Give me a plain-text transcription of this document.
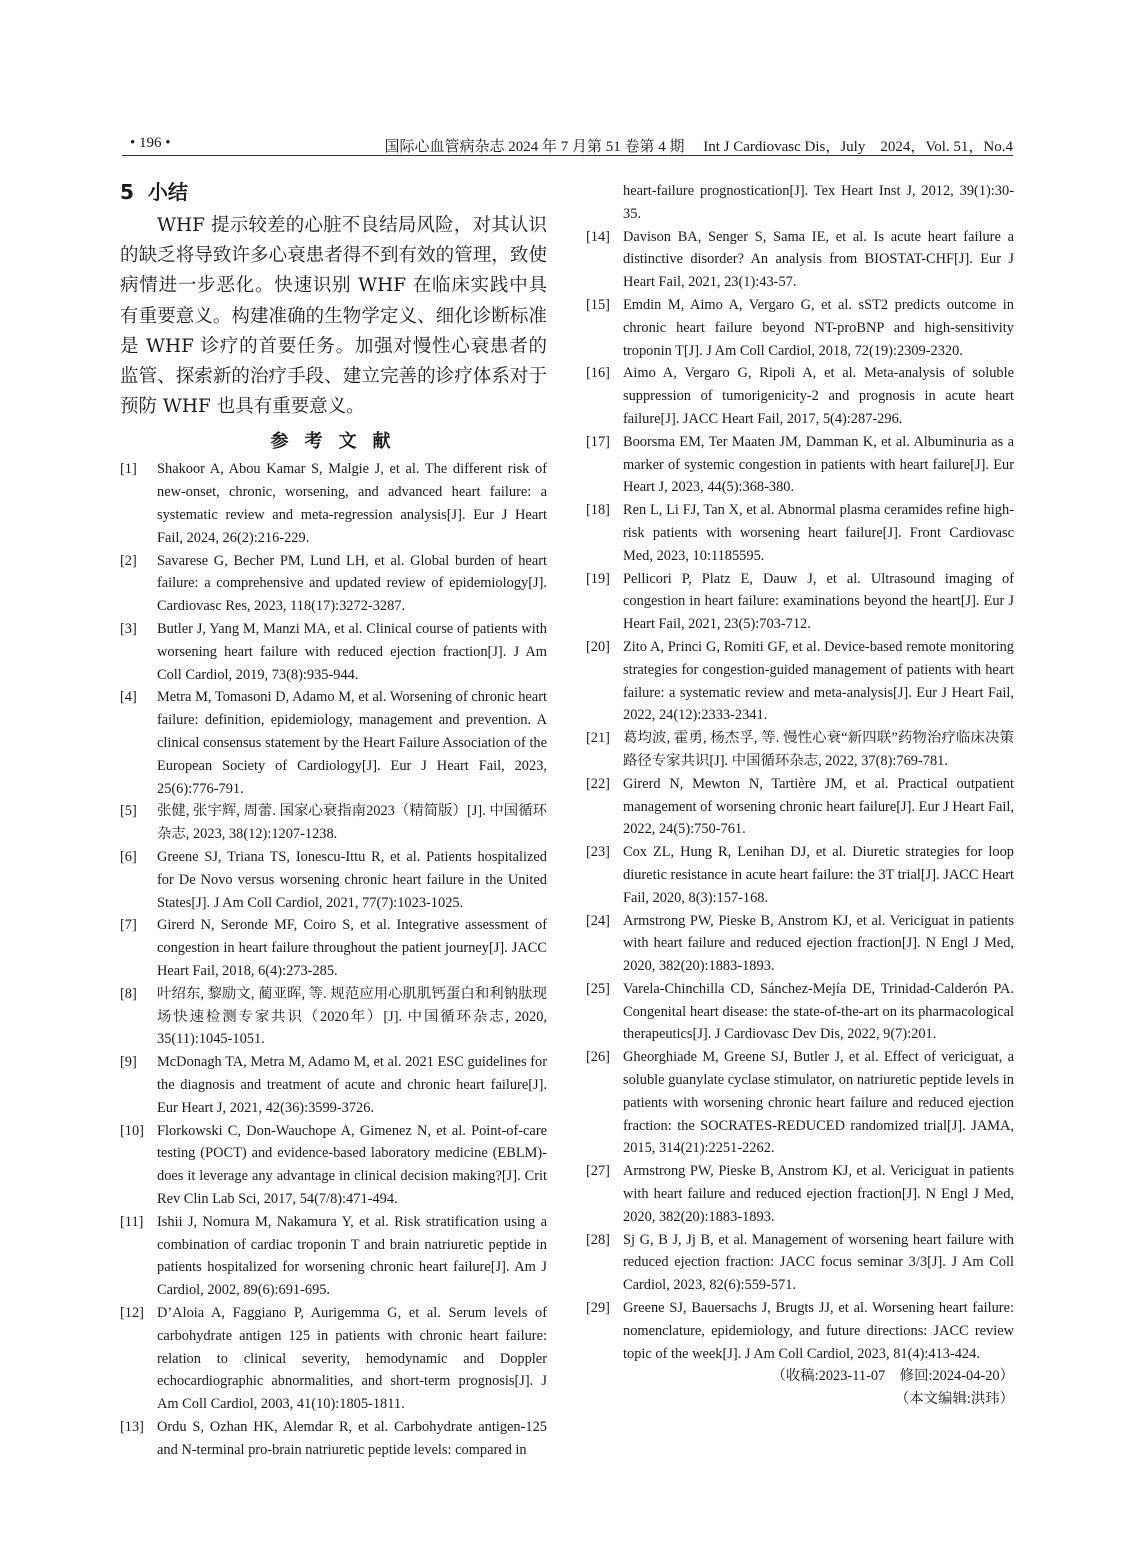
• 196 •	国际心血管病杂志 2024 年 7 月第 51 卷第 4 期　 Int J Cardiovasc Dis，July　2024，Vol. 51，No.4
5 小结

WHF 提示较差的心脏不良结局风险，对其认识的缺乏将导致许多心衰患者得不到有效的管理，致使病情进一步恶化。快速识别 WHF 在临床实践中具有重要意义。构建准确的生物学定义、细化诊断标准是 WHF 诊疗的首要任务。加强对慢性心衰患者的监管、探索新的治疗手段、建立完善的诊疗体系对于预防 WHF 也具有重要意义。

参考文献
[1]	Shakoor A, Abou Kamar S, Malgie J, et al. The different risk of new-onset, chronic, worsening, and advanced heart failure: a systematic review and meta-regression analysis[J]. Eur J Heart Fail, 2024, 26(2):216-229.
[2]	Savarese G, Becher PM, Lund LH, et al. Global burden of heart failure: a comprehensive and updated review of epidemiology[J]. Cardiovasc Res, 2023, 118(17):3272-3287.
[3]	Butler J, Yang M, Manzi MA, et al. Clinical course of patients with worsening heart failure with reduced ejection fraction[J]. J Am Coll Cardiol, 2019, 73(8):935-944.
[4]	Metra M, Tomasoni D, Adamo M, et al. Worsening of chronic heart failure: definition, epidemiology, management and prevention. A clinical consensus statement by the Heart Failure Association of the European Society of Cardiology[J]. Eur J Heart Fail, 2023, 25(6):776-791.
[5]	张健, 张宇辉, 周蕾. 国家心衰指南2023（精简版）[J]. 中国循环杂志, 2023, 38(12):1207-1238.
[6]	Greene SJ, Triana TS, Ionescu-Ittu R, et al. Patients hospitalized for De Novo versus worsening chronic heart failure in the United States[J]. J Am Coll Cardiol, 2021, 77(7):1023-1025.
[7]	Girerd N, Seronde MF, Coiro S, et al. Integrative assessment of congestion in heart failure throughout the patient journey[J]. JACC Heart Fail, 2018, 6(4):273-285.
[8]	叶绍东, 黎励文, 蔺亚晖, 等. 规范应用心肌肌钙蛋白和利钠肽现场快速检测专家共识（2020年）[J]. 中国循环杂志, 2020, 35(11):1045-1051.
[9]	McDonagh TA, Metra M, Adamo M, et al. 2021 ESC guidelines for the diagnosis and treatment of acute and chronic heart failure[J]. Eur Heart J, 2021, 42(36):3599-3726.
[10] Florkowski C, Don-Wauchope A, Gimenez N, et al. Point-of-care testing (POCT) and evidence-based laboratory medicine (EBLM)-does it leverage any advantage in clinical decision making?[J]. Crit Rev Clin Lab Sci, 2017, 54(7/8):471-494.
[11] Ishii J, Nomura M, Nakamura Y, et al. Risk stratification using a combination of cardiac troponin T and brain natriuretic peptide in patients hospitalized for worsening chronic heart failure[J]. Am J Cardiol, 2002, 89(6):691-695.
[12] D’Aloia A, Faggiano P, Aurigemma G, et al. Serum levels of carbohydrate antigen 125 in patients with chronic heart failure: relation to clinical severity, hemodynamic and Doppler echocardiographic abnormalities, and short-term prognosis[J]. J Am Coll Cardiol, 2003, 41(10):1805-1811.
[13] Ordu S, Ozhan HK, Alemdar R, et al. Carbohydrate antigen-125 and N-terminal pro-brain natriuretic peptide levels: compared in
heart-failure prognostication[J]. Tex Heart Inst J, 2012, 39(1):30-35.
[14] Davison BA, Senger S, Sama IE, et al. Is acute heart failure a distinctive disorder? An analysis from BIOSTAT-CHF[J]. Eur J Heart Fail, 2021, 23(1):43-57.
[15] Emdin M, Aimo A, Vergaro G, et al. sST2 predicts outcome in chronic heart failure beyond NT-proBNP and high-sensitivity troponin T[J]. J Am Coll Cardiol, 2018, 72(19):2309-2320.
[16] Aimo A, Vergaro G, Ripoli A, et al. Meta-analysis of soluble suppression of tumorigenicity-2 and prognosis in acute heart failure[J]. JACC Heart Fail, 2017, 5(4):287-296.
[17] Boorsma EM, Ter Maaten JM, Damman K, et al. Albuminuria as a marker of systemic congestion in patients with heart failure[J]. Eur Heart J, 2023, 44(5):368-380.
[18] Ren L, Li FJ, Tan X, et al. Abnormal plasma ceramides refine high-risk patients with worsening heart failure[J]. Front Cardiovasc Med, 2023, 10:1185595.
[19] Pellicori P, Platz E, Dauw J, et al. Ultrasound imaging of congestion in heart failure: examinations beyond the heart[J]. Eur J Heart Fail, 2021, 23(5):703-712.
[20] Zito A, Princi G, Romiti GF, et al. Device-based remote monitoring strategies for congestion-guided management of patients with heart failure: a systematic review and meta-analysis[J]. Eur J Heart Fail, 2022, 24(12):2333-2341.
[21] 葛均波, 霍勇, 杨杰孚, 等. 慢性心衰“新四联”药物治疗临床决策路径专家共识[J]. 中国循环杂志, 2022, 37(8):769-781.
[22] Girerd N, Mewton N, Tartière JM, et al. Practical outpatient management of worsening chronic heart failure[J]. Eur J Heart Fail, 2022, 24(5):750-761.
[23] Cox ZL, Hung R, Lenihan DJ, et al. Diuretic strategies for loop diuretic resistance in acute heart failure: the 3T trial[J]. JACC Heart Fail, 2020, 8(3):157-168.
[24] Armstrong PW, Pieske B, Anstrom KJ, et al. Vericiguat in patients with heart failure and reduced ejection fraction[J]. N Engl J Med, 2020, 382(20):1883-1893.
[25] Varela-Chinchilla CD, Sánchez-Mejía DE, Trinidad-Calderón PA. Congenital heart disease: the state-of-the-art on its pharmacological therapeutics[J]. J Cardiovasc Dev Dis, 2022, 9(7):201.
[26] Gheorghiade M, Greene SJ, Butler J, et al. Effect of vericiguat, a soluble guanylate cyclase stimulator, on natriuretic peptide levels in patients with worsening chronic heart failure and reduced ejection fraction: the SOCRATES-REDUCED randomized trial[J]. JAMA, 2015, 314(21):2251-2262.
[27] Armstrong PW, Pieske B, Anstrom KJ, et al. Vericiguat in patients with heart failure and reduced ejection fraction[J]. N Engl J Med, 2020, 382(20):1883-1893.
[28] Sj G, B J, Jj B, et al. Management of worsening heart failure with reduced ejection fraction: JACC focus seminar 3/3[J]. J Am Coll Cardiol, 2023, 82(6):559-571.
[29] Greene SJ, Bauersachs J, Brugts JJ, et al. Worsening heart failure: nomenclature, epidemiology, and future directions: JACC review topic of the week[J]. J Am Coll Cardiol, 2023, 81(4):413-424.
（收稿:2023-11-07　修回:2024-04-20）
（本文编辑:洪玮）
